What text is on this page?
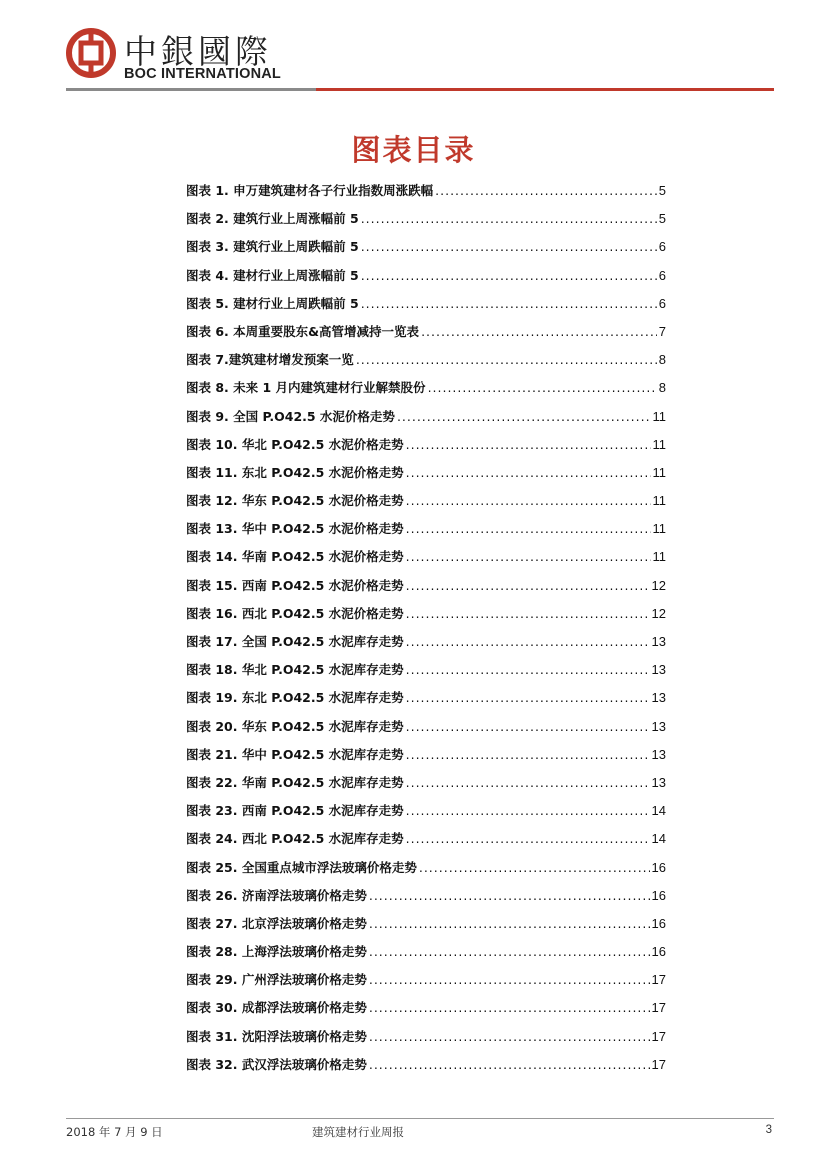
中銀國際
BOC INTERNATIONAL
图表目录
图表 1. 申万建筑建材各子行业指数周涨跌幅 .....	5
图表 2. 建筑行业上周涨幅前 5 .....	5
图表 3. 建筑行业上周跌幅前 5 .....	6
图表 4. 建材行业上周涨幅前 5 .....	6
图表 5. 建材行业上周跌幅前 5 .....	6
图表 6. 本周重要股东&高管增减持一览表 .....	7
图表 7.建筑建材增发预案一览 .....	8
图表 8. 未来 1 月内建筑建材行业解禁股份 .....	8
图表 9. 全国 P.O42.5 水泥价格走势 .....	11
图表 10. 华北 P.O42.5 水泥价格走势 .....	11
图表 11. 东北 P.O42.5 水泥价格走势 .....	11
图表 12. 华东 P.O42.5 水泥价格走势 .....	11
图表 13. 华中 P.O42.5 水泥价格走势 .....	11
图表 14. 华南 P.O42.5 水泥价格走势 .....	11
图表 15. 西南 P.O42.5 水泥价格走势 .....	12
图表 16. 西北 P.O42.5 水泥价格走势 .....	12
图表 17. 全国 P.O42.5 水泥库存走势 .....	13
图表 18. 华北 P.O42.5 水泥库存走势 .....	13
图表 19. 东北 P.O42.5 水泥库存走势 .....	13
图表 20. 华东 P.O42.5 水泥库存走势 .....	13
图表 21. 华中 P.O42.5 水泥库存走势 .....	13
图表 22. 华南 P.O42.5 水泥库存走势 .....	13
图表 23. 西南 P.O42.5 水泥库存走势 .....	14
图表 24. 西北 P.O42.5 水泥库存走势 .....	14
图表 25. 全国重点城市浮法玻璃价格走势 .....	16
图表 26. 济南浮法玻璃价格走势 .....	16
图表 27. 北京浮法玻璃价格走势 .....	16
图表 28. 上海浮法玻璃价格走势 .....	16
图表 29. 广州浮法玻璃价格走势 .....	17
图表 30. 成都浮法玻璃价格走势 .....	17
图表 31. 沈阳浮法玻璃价格走势 .....	17
图表 32. 武汉浮法玻璃价格走势 .....	17
2018 年 7 月 9 日	建筑建材行业周报	3
